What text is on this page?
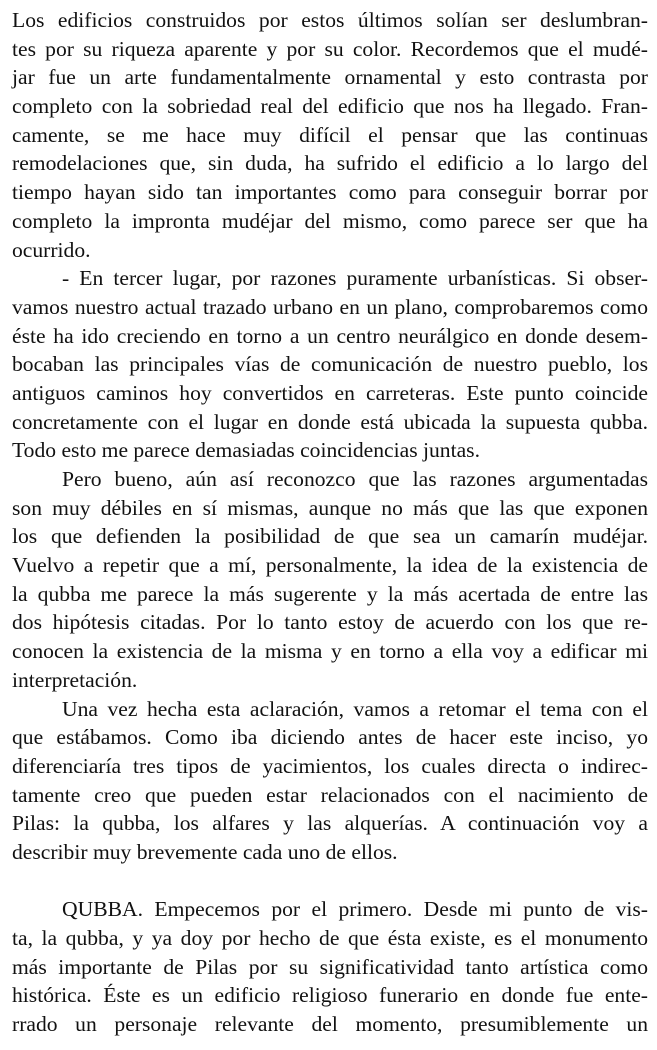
Los edificios construidos por estos últimos solían ser deslumbran-
tes por su riqueza aparente y por su color. Recordemos que el mudé-
jar fue un arte fundamentalmente ornamental y esto contrasta por
completo con la sobriedad real del edificio que nos ha llegado. Fran-
camente, se me hace muy difícil el pensar que las continuas
remodelaciones que, sin duda, ha sufrido el edificio a lo largo del
tiempo hayan sido tan importantes como para conseguir borrar por
completo la impronta mudéjar del mismo, como parece ser que ha
ocurrido.
- En tercer lugar, por razones puramente urbanísticas. Si obser-
vamos nuestro actual trazado urbano en un plano, comprobaremos como
éste ha ido creciendo en torno a un centro neurálgico en donde desem-
bocaban las principales vías de comunicación de nuestro pueblo, los
antiguos caminos hoy convertidos en carreteras. Este punto coincide
concretamente con el lugar en donde está ubicada la supuesta qubba.
Todo esto me parece demasiadas coincidencias juntas.
Pero bueno, aún así reconozco que las razones argumentadas
son muy débiles en sí mismas, aunque no más que las que exponen
los que defienden la posibilidad de que sea un camarín mudéjar.
Vuelvo a repetir que a mí, personalmente, la idea de la existencia de
la qubba me parece la más sugerente y la más acertada de entre las
dos hipótesis citadas. Por lo tanto estoy de acuerdo con los que re-
conocen la existencia de la misma y en torno a ella voy a edificar mi
interpretación.
Una vez hecha esta aclaración, vamos a retomar el tema con el
que estábamos. Como iba diciendo antes de hacer este inciso, yo
diferenciaría tres tipos de yacimientos, los cuales directa o indirec-
tamente creo que pueden estar relacionados con el nacimiento de
Pilas: la qubba, los alfares y las alquerías. A continuación voy a
describir muy brevemente cada uno de ellos.
QUBBA. Empecemos por el primero. Desde mi punto de vis-
ta, la qubba, y ya doy por hecho de que ésta existe, es el monumento
más importante de Pilas por su significatividad tanto artística como
histórica. Éste es un edificio religioso funerario en donde fue ente-
rrado un personaje relevante del momento, presumiblemente un
